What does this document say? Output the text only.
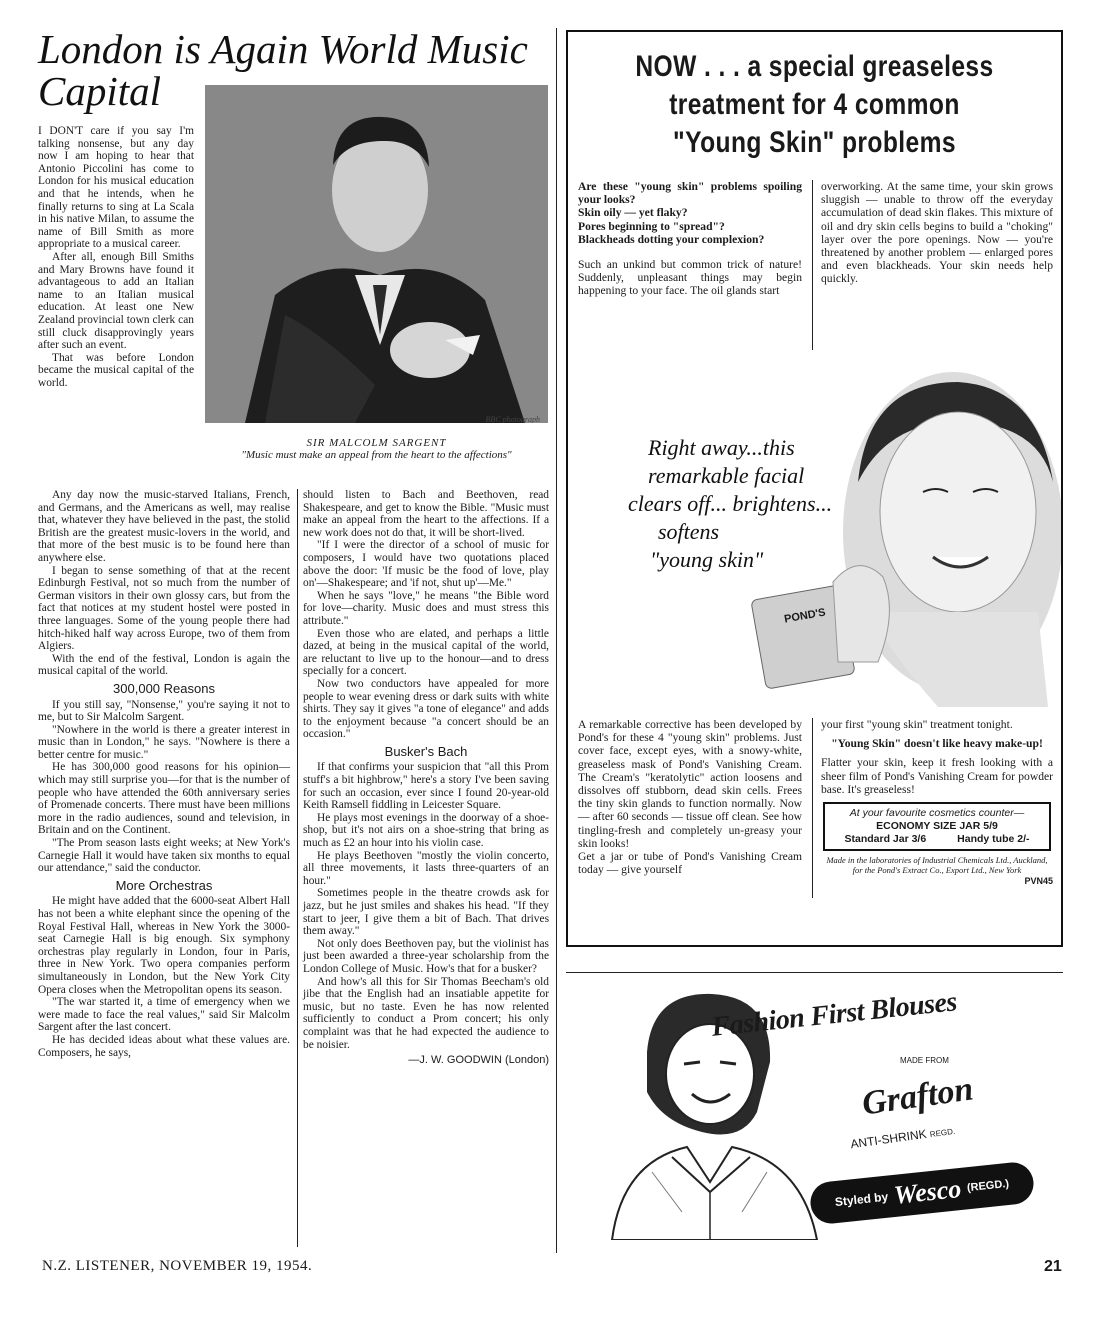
London is Again World Music
Capital
BBC photograph
SIR MALCOLM SARGENT
"Music must make an appeal from the heart to the affections"

I DON'T care if you say I'm talking nonsense, but any day now I am hoping to hear that Antonio Piccolini has come to London for his musical education and that he intends, when he finally returns to sing at La Scala in his native Milan, to assume the name of Bill Smith as more appropriate to a musical career.

After all, enough Bill Smiths and Mary Browns have found it advantageous to add an Italian name to an Italian musical education. At least one New Zealand provincial town clerk can still cluck disapprovingly years after such an event.

That was before London became the musical capital of the world.

Any day now the music-starved Italians, French, and Germans, and the Americans as well, may realise that, whatever they have believed in the past, the stolid British are the greatest music-lovers in the world, and that more of the best music is to be found here than anywhere else.

I began to sense something of that at the recent Edinburgh Festival, not so much from the number of German visitors in their own glossy cars, but from the fact that notices at my student hostel were posted in three languages. Some of the young people there had hitch-hiked half way across Europe, two of them from Algiers.

With the end of the festival, London is again the musical capital of the world.

300,000 Reasons

If you still say, "Nonsense," you're saying it not to me, but to Sir Malcolm Sargent.

"Nowhere in the world is there a greater interest in music than in London," he says. "Nowhere is there a better centre for music."

He has 300,000 good reasons for his opinion—which may still surprise you—for that is the number of people who have attended the 60th anniversary series of Promenade concerts. There must have been millions more in the radio audiences, sound and television, in Britain and on the Continent.

"The Prom season lasts eight weeks; at New York's Carnegie Hall it would have taken six months to equal our attendance," said the conductor.

More Orchestras

He might have added that the 6000-seat Albert Hall has not been a white elephant since the opening of the Royal Festival Hall, whereas in New York the 3000-seat Carnegie Hall is big enough. Six symphony orchestras play regularly in London, four in Paris, three in New York. Two opera companies perform simultaneously in London, but the New York City Opera closes when the Metropolitan opens its season.

"The war started it, a time of emergency when we were made to face the real values," said Sir Malcolm Sargent after the last concert.

He has decided ideas about what these values are. Composers, he says,

should listen to Bach and Beethoven, read Shakespeare, and get to know the Bible. "Music must make an appeal from the heart to the affections. If a new work does not do that, it will be short-lived.

"If I were the director of a school of music for composers, I would have two quotations placed above the door: 'If music be the food of love, play on'—Shakespeare; and 'if not, shut up'—Me."

When he says "love," he means "the Bible word for love—charity. Music does and must stress this attribute."

Even those who are elated, and perhaps a little dazed, at being in the musical capital of the world, are reluctant to live up to the honour—and to dress specially for a concert.

Now two conductors have appealed for more people to wear evening dress or dark suits with white shirts. They say it gives "a tone of elegance" and adds to the enjoyment because "a concert should be an occasion."

Busker's Bach

If that confirms your suspicion that "all this Prom stuff's a bit highbrow," here's a story I've been saving for such an occasion, ever since I found 20-year-old Keith Ramsell fiddling in Leicester Square.

He plays most evenings in the doorway of a shoe-shop, but it's not airs on a shoe-string that bring as much as £2 an hour into his violin case.

He plays Beethoven "mostly the violin concerto, all three movements, it lasts three-quarters of an hour."

Sometimes people in the theatre crowds ask for jazz, but he just smiles and shakes his head. "If they start to jeer, I give them a bit of Bach. That drives them away."

Not only does Beethoven pay, but the violinist has just been awarded a three-year scholarship from the London College of Music. How's that for a busker?

And how's all this for Sir Thomas Beecham's old jibe that the English had an insatiable appetite for music, but no taste. Even he has now relented sufficiently to conduct a Prom concert; his only complaint was that he had expected the audience to be noisier.

—J. W. GOODWIN (London)
NOW . . . a special greaseless
treatment for 4 common
"Young Skin" problems
Are these "young skin" problems spoiling your looks?
Skin oily — yet flaky?
Pores beginning to "spread"?
Blackheads dotting your complexion?
Such an unkind but common trick of nature! Suddenly, unpleasant things may begin happening to your face. The oil glands start
overworking. At the same time, your skin grows sluggish — unable to throw off the everyday accumulation of dead skin flakes. This mixture of oil and dry skin cells begins to build a "choking" layer over the pore openings. Now — you're threatened by another problem — enlarged pores and even blackheads. Your skin needs help quickly.
POND'S
Right away...this
remarkable facial
clears off... brightens...
softens
"young skin"
A remarkable corrective has been developed by Pond's for these 4 "young skin" problems. Just cover face, except eyes, with a snowy-white, greaseless mask of Pond's Vanishing Cream. The Cream's "keratolytic" action loosens and dissolves off stubborn, dead skin cells. Frees the tiny skin glands to function normally. Now — after 60 seconds — tissue off clean. See how tingling-fresh and completely un-greasy your skin looks!
Get a jar or tube of Pond's Vanishing Cream today — give yourself

your first "young skin" treatment tonight.

"Young Skin" doesn't like heavy make-up!

Flatter your skin, keep it fresh looking with a sheer film of Pond's Vanishing Cream for powder base. It's greaseless!

At your favourite cosmetics counter—
ECONOMY SIZE JAR 5/9
Standard Jar 3/6	Handy tube 2/-
Made in the laboratories of Industrial Chemicals Ltd., Auckland, for the Pond's Extract Co., Export Ltd., New York
PVN45
Fashion First Blouses
MADE FROM
Grafton
ANTI-SHRINK REGD.
Styled by Wesco (REGD.)
N.Z. LISTENER, NOVEMBER 19, 1954.	21
